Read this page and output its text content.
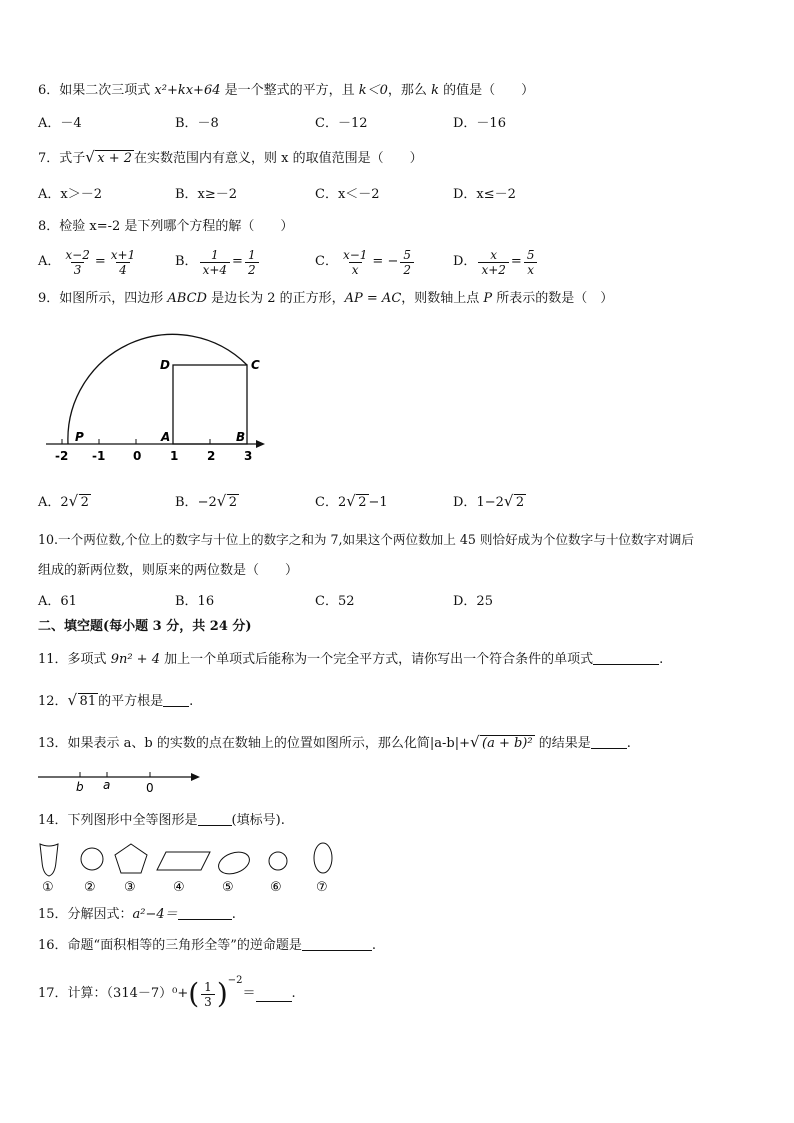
6．如果二次三项式 x²+kx+64 是一个整式的平方，且 k＜0，那么 k 的值是（　　）
A．－4	B．－8	C．－12	D．－16
7．式子 √ x + 2 在实数范围内有意义，则 x 的取值范围是（　　）
A．x＞－2	B．x≥－2	C．x＜－2	D．x≤－2
8．检验 x=-2 是下列哪个方程的解（　　）
A． $\frac{x-2}{3} = \frac{x+1}{4}$	B． $\frac{1}{x+4} = \frac{1}{2}$	C． $\frac{x-1}{x}$ = − $\frac{5}{2}$	D． $\frac{x}{x+2} = \frac{5}{x}$
9．如图所示，四边形 ABCD 是边长为 2 的正方形，AP = AC，则数轴上点 P 所表示的数是（　）
D	C
P	A	B
-2 -1 0 1 2 3
A．2 √ 2	B．−2 √ 2	C．2 √ 2 −1	D．1−2 √ 2
10.一个两位数,个位上的数字与十位上的数字之和为 7,如果这个两位数加上 45 则恰好成为个位数字与十位数字对调后
组成的新两位数，则原来的两位数是（　　）
A．61	B．16	C．52	D．25
二、填空题(每小题 3 分，共 24 分)
11．多项式 9n² + 4 加上一个单项式后能称为一个完全平方式，请你写出一个符合条件的单项式	.
12． √ 81 的平方根是 .
13．如果表示 a、b 的实数的点在数轴上的位置如图所示，那么化简|a-b|+ √ (a + b)² 的结果是	.
b a	0
14．下列图形中全等图形是	(填标号).
① ② ③	④	⑤	⑥	⑦
15．分解因式：a²−4＝	.
16．命题“面积相等的三角形全等”的逆命题是	.
17．计算：（314－7）⁰+ ( $\frac{1}{3} )^{-2}$
＝	.
